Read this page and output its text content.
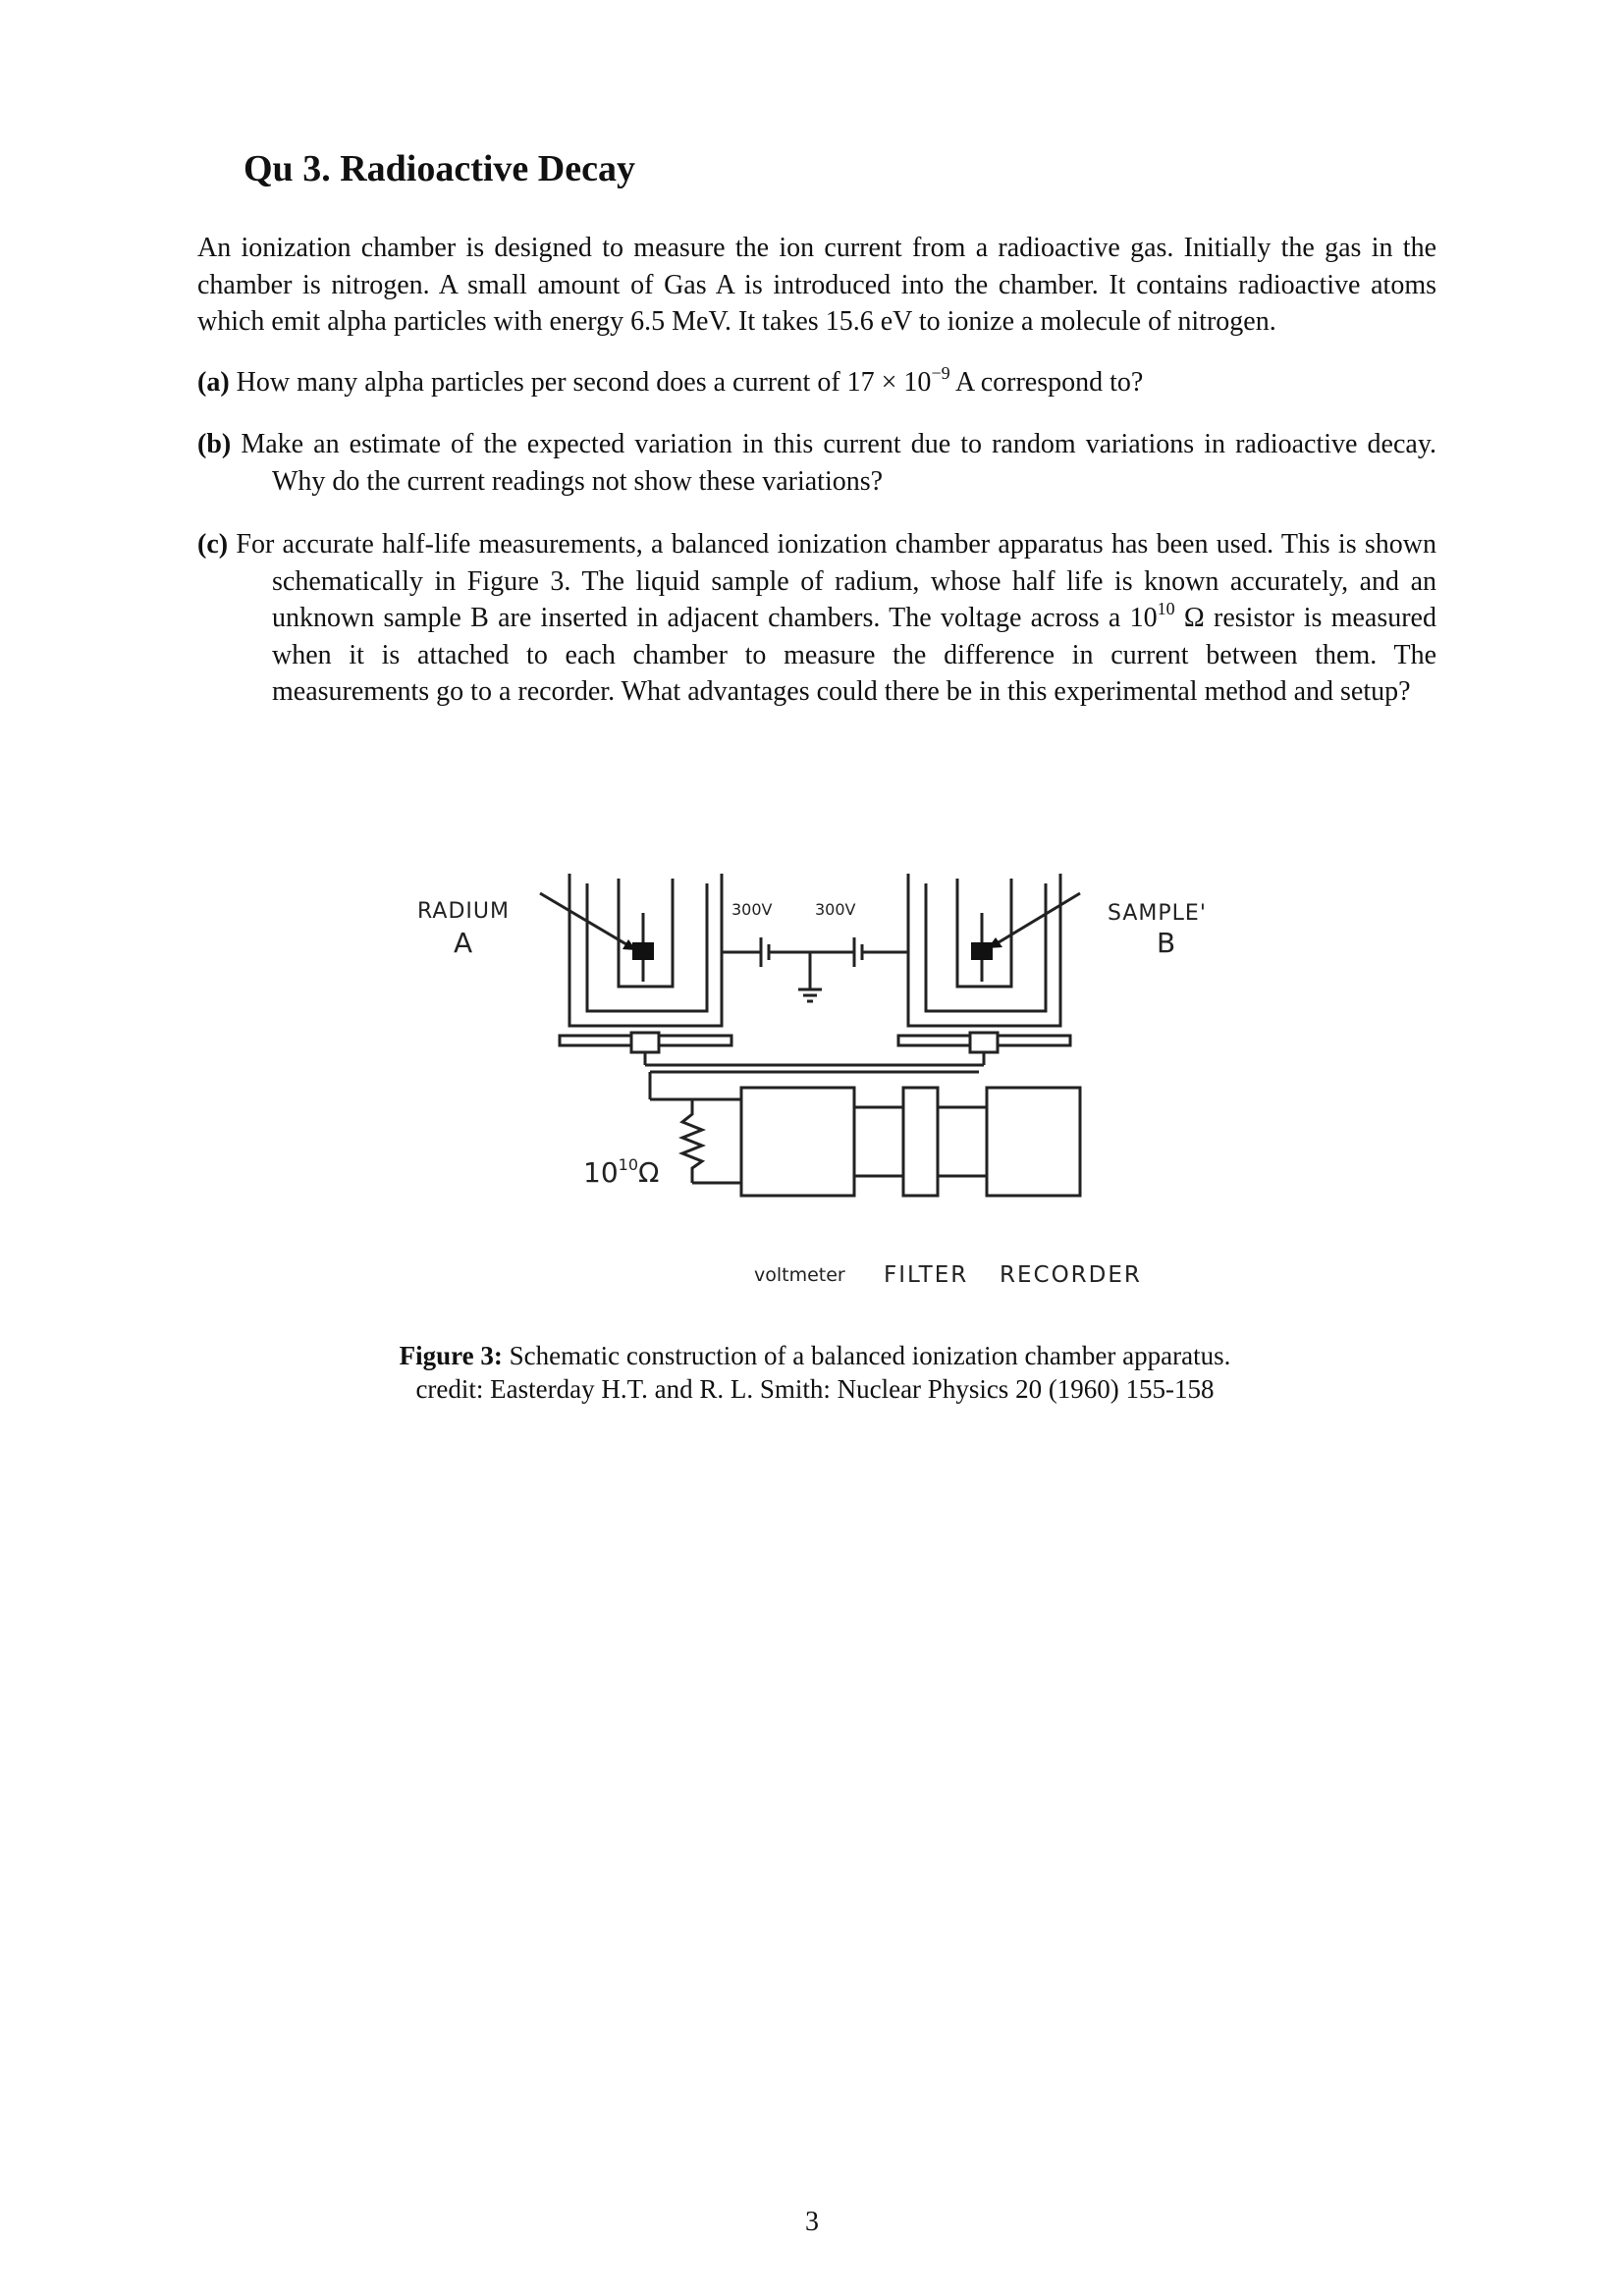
Qu 3. Radioactive Decay

An ionization chamber is designed to measure the ion current from a radioactive gas. Initially the gas in the chamber is nitrogen. A small amount of Gas A is introduced into the chamber. It contains radioactive atoms which emit alpha particles with energy 6.5 MeV. It takes 15.6 eV to ionize a molecule of nitrogen.

(a) How many alpha particles per second does a current of $17 \times 10^{-9}$ A correspond to?

(b) Make an estimate of the expected variation in this current due to random variations in radioactive decay. Why do the current readings not show these variations?

(c) For accurate half-life measurements, a balanced ionization chamber apparatus has been used. This is shown schematically in Figure 3. The liquid sample of radium, whose half life is known accurately, and an unknown sample B are inserted in adjacent chambers. The voltage across a $10^{10}$ Ω resistor is measured when it is attached to each chamber to measure the difference in current between them. The measurements go to a recorder. What advantages could there be in this experimental method and setup?

RADIUM
A
SAMPLE'
B
300V	300V
$10^{10}\Omega$
voltmeter FILTER RECORDER

Figure 3: Schematic construction of a balanced ionization chamber apparatus.
credit: Easterday H.T. and R. L. Smith: Nuclear Physics 20 (1960) 155-158

3
